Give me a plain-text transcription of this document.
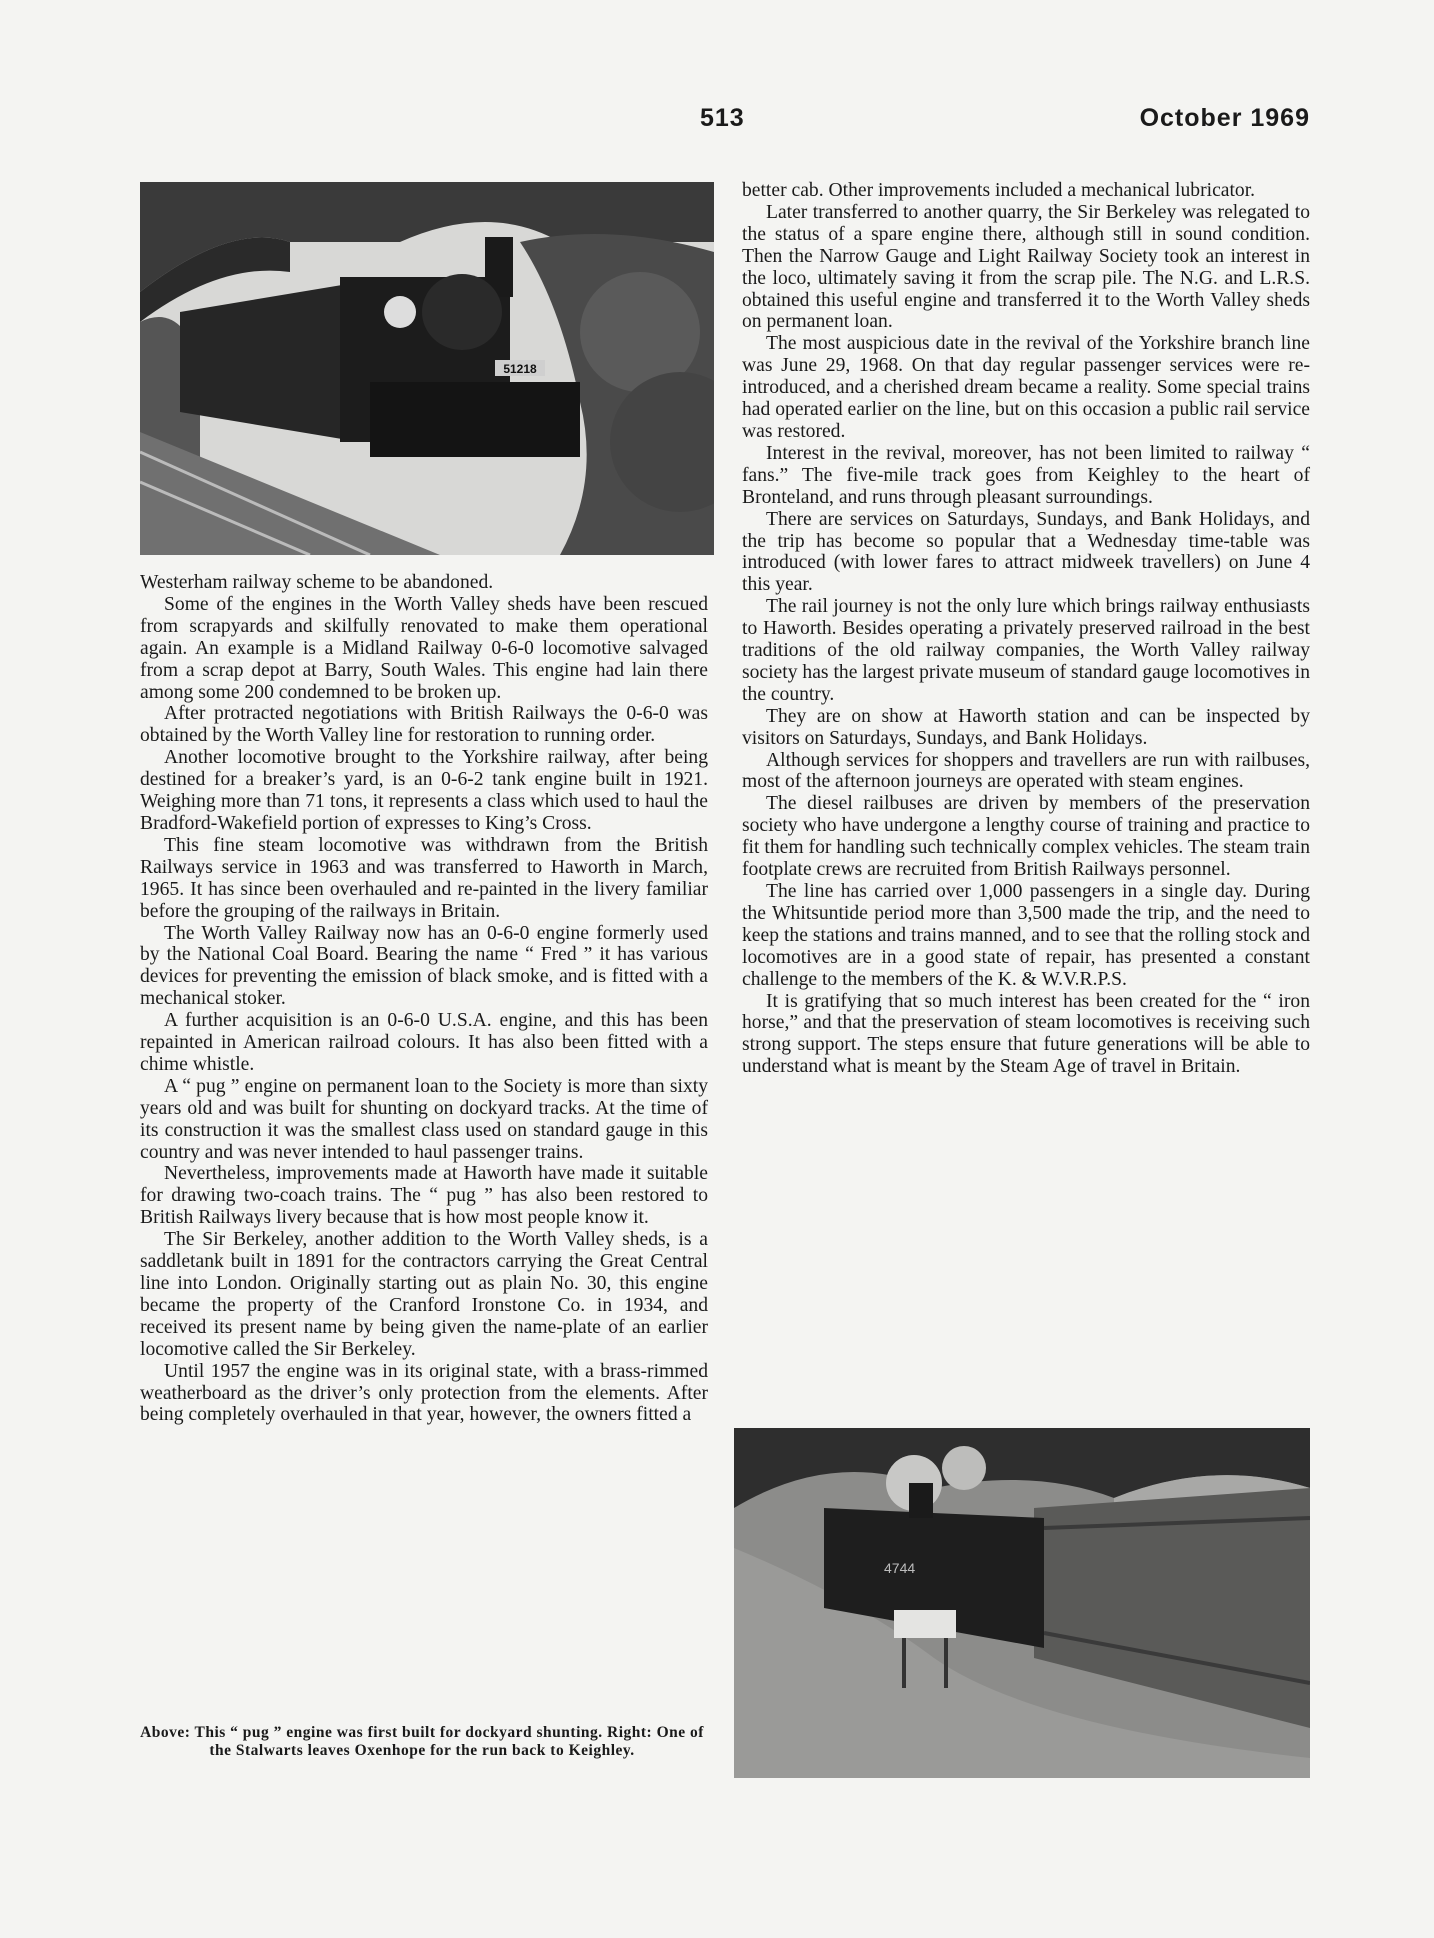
513	October 1969
51218

Westerham railway scheme to be abandoned.

Some of the engines in the Worth Valley sheds have been rescued from scrapyards and skilfully renovated to make them operational again. An example is a Midland Railway 0-6-0 locomotive salvaged from a scrap depot at Barry, South Wales. This engine had lain there among some 200 condemned to be broken up.

After protracted negotiations with British Railways the 0-6-0 was obtained by the Worth Valley line for restoration to running order.

Another locomotive brought to the Yorkshire railway, after being destined for a breaker’s yard, is an 0-6-2 tank engine built in 1921. Weighing more than 71 tons, it represents a class which used to haul the Bradford-Wakefield portion of expresses to King’s Cross.

This fine steam locomotive was withdrawn from the British Railways service in 1963 and was transferred to Haworth in March, 1965. It has since been overhauled and re-painted in the livery familiar before the grouping of the railways in Britain.

The Worth Valley Railway now has an 0-6-0 engine formerly used by the National Coal Board. Bearing the name “ Fred ” it has various devices for preventing the emission of black smoke, and is fitted with a mechanical stoker.

A further acquisition is an 0-6-0 U.S.A. engine, and this has been repainted in American railroad colours. It has also been fitted with a chime whistle.

A “ pug ” engine on permanent loan to the Society is more than sixty years old and was built for shunting on dockyard tracks. At the time of its construction it was the smallest class used on standard gauge in this country and was never intended to haul passenger trains.

Nevertheless, improvements made at Haworth have made it suitable for drawing two-coach trains. The “ pug ” has also been restored to British Railways livery because that is how most people know it.

The Sir Berkeley, another addition to the Worth Valley sheds, is a saddletank built in 1891 for the contractors carrying the Great Central line into London. Originally starting out as plain No. 30, this engine became the property of the Cranford Ironstone Co. in 1934, and received its present name by being given the name-plate of an earlier locomotive called the Sir Berkeley.

Until 1957 the engine was in its original state, with a brass-rimmed weatherboard as the driver’s only protection from the elements. After being completely overhauled in that year, however, the owners fitted a

better cab. Other improvements included a mechanical lubricator.

Later transferred to another quarry, the Sir Berkeley was relegated to the status of a spare engine there, although still in sound condition. Then the Narrow Gauge and Light Railway Society took an interest in the loco, ultimately saving it from the scrap pile. The N.G. and L.R.S. obtained this useful engine and transferred it to the Worth Valley sheds on permanent loan.

The most auspicious date in the revival of the Yorkshire branch line was June 29, 1968. On that day regular passenger services were re-introduced, and a cherished dream became a reality. Some special trains had operated earlier on the line, but on this occasion a public rail service was restored.

Interest in the revival, moreover, has not been limited to railway “ fans.” The five-mile track goes from Keighley to the heart of Bronteland, and runs through pleasant surroundings.

There are services on Saturdays, Sundays, and Bank Holidays, and the trip has become so popular that a Wednesday time-table was introduced (with lower fares to attract midweek travellers) on June 4 this year.

The rail journey is not the only lure which brings railway enthusiasts to Haworth. Besides operating a privately preserved railroad in the best traditions of the old railway companies, the Worth Valley railway society has the largest private museum of standard gauge locomotives in the country.

They are on show at Haworth station and can be inspected by visitors on Saturdays, Sundays, and Bank Holidays.

Although services for shoppers and travellers are run with railbuses, most of the afternoon journeys are operated with steam engines.

The diesel railbuses are driven by members of the preservation society who have undergone a lengthy course of training and practice to fit them for handling such technically complex vehicles. The steam train footplate crews are recruited from British Railways personnel.

The line has carried over 1,000 passengers in a single day. During the Whitsuntide period more than 3,500 made the trip, and the need to keep the stations and trains manned, and to see that the rolling stock and locomotives are in a good state of repair, has presented a constant challenge to the members of the K. & W.V.R.P.S.

It is gratifying that so much interest has been created for the “ iron horse,” and that the preservation of steam locomotives is receiving such strong support. The steps ensure that future generations will be able to understand what is meant by the Steam Age of travel in Britain.

4744
Above: This “ pug ” engine was first built for dockyard shunting. Right: One of the Stalwarts leaves Oxenhope for the run back to Keighley.
